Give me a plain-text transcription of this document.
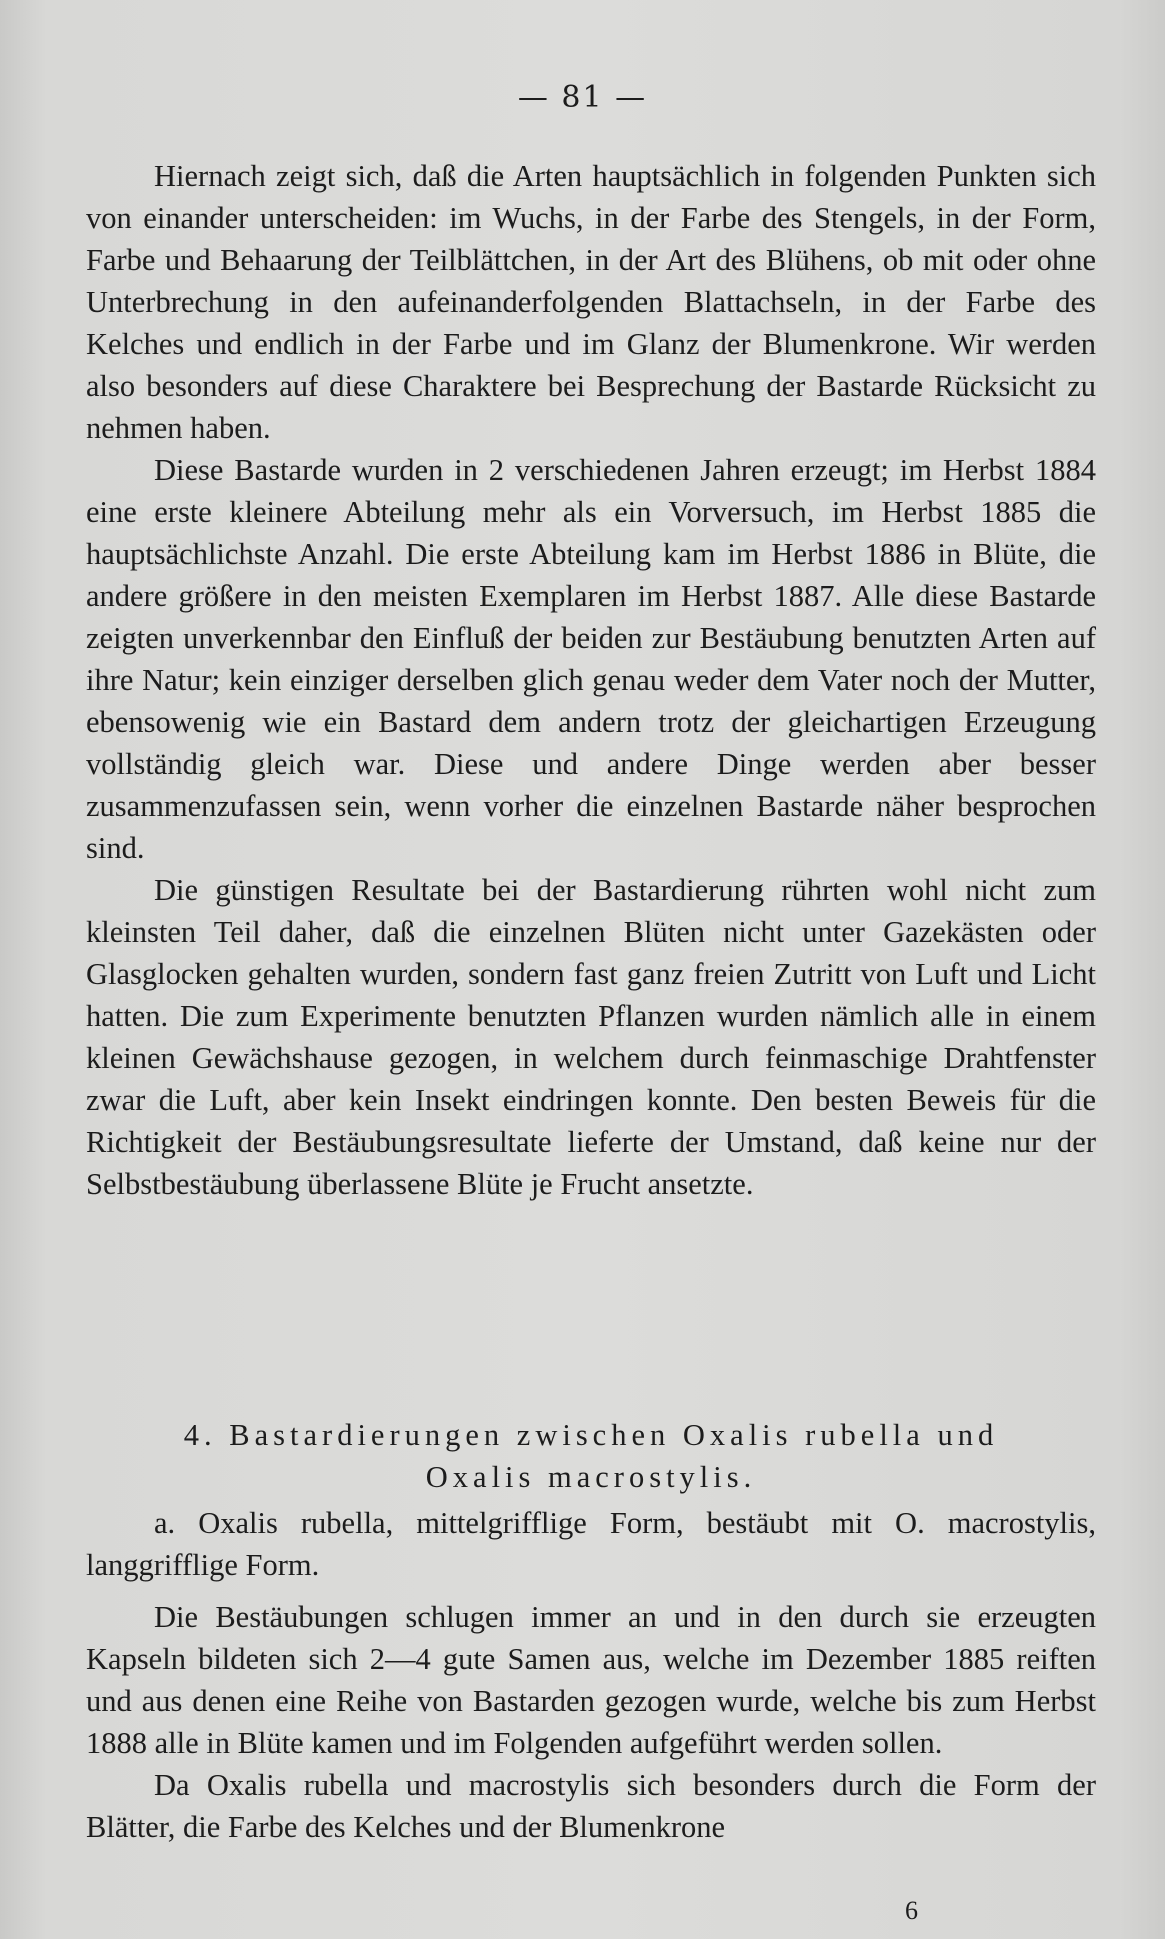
— 81 —

Hiernach zeigt sich, daß die Arten hauptsächlich in folgenden Punkten sich von einander unterscheiden: im Wuchs, in der Farbe des Stengels, in der Form, Farbe und Behaarung der Teilblättchen, in der Art des Blühens, ob mit oder ohne Unterbrechung in den aufeinanderfolgenden Blattachseln, in der Farbe des Kelches und endlich in der Farbe und im Glanz der Blumenkrone. Wir werden also besonders auf diese Charaktere bei Besprechung der Bastarde Rücksicht zu nehmen haben.

Diese Bastarde wurden in 2 verschiedenen Jahren erzeugt; im Herbst 1884 eine erste kleinere Abteilung mehr als ein Vorversuch, im Herbst 1885 die hauptsächlichste Anzahl. Die erste Abteilung kam im Herbst 1886 in Blüte, die andere größere in den meisten Exemplaren im Herbst 1887. Alle diese Bastarde zeigten unverkennbar den Einfluß der beiden zur Bestäubung benutzten Arten auf ihre Natur; kein einziger derselben glich genau weder dem Vater noch der Mutter, ebensowenig wie ein Bastard dem andern trotz der gleichartigen Erzeugung vollständig gleich war. Diese und andere Dinge werden aber besser zusammenzufassen sein, wenn vorher die einzelnen Bastarde näher besprochen sind.

Die günstigen Resultate bei der Bastardierung rührten wohl nicht zum kleinsten Teil daher, daß die einzelnen Blüten nicht unter Gazekästen oder Glasglocken gehalten wurden, sondern fast ganz freien Zutritt von Luft und Licht hatten. Die zum Experimente benutzten Pflanzen wurden nämlich alle in einem kleinen Gewächshause gezogen, in welchem durch feinmaschige Drahtfenster zwar die Luft, aber kein Insekt eindringen konnte. Den besten Beweis für die Richtigkeit der Bestäubungsresultate lieferte der Umstand, daß keine nur der Selbstbestäubung überlassene Blüte je Frucht ansetzte.

4. Bastardierungen zwischen Oxalis rubella und
Oxalis macrostylis.

a. Oxalis rubella, mittelgrifflige Form, bestäubt mit O. macrostylis, langgrifflige Form.

Die Bestäubungen schlugen immer an und in den durch sie erzeugten Kapseln bildeten sich 2—4 gute Samen aus, welche im Dezember 1885 reiften und aus denen eine Reihe von Bastarden gezogen wurde, welche bis zum Herbst 1888 alle in Blüte kamen und im Folgenden aufgeführt werden sollen.

Da Oxalis rubella und macrostylis sich besonders durch die Form der Blätter, die Farbe des Kelches und der Blumenkrone

6
